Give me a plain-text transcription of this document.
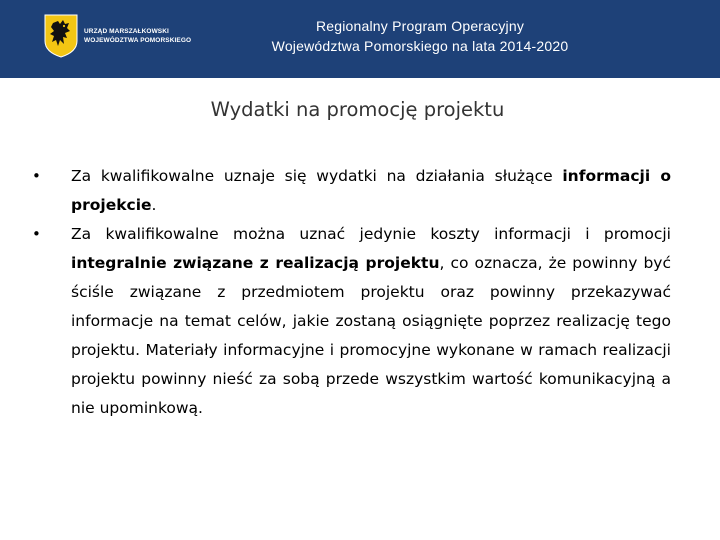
URZĄD MARSZAŁKOWSKI
WOJEWÓDZTWA POMORSKIEGO
Regionalny Program Operacyjny
Województwa Pomorskiego na lata 2014-2020
Wydatki na promocję projektu
• Za kwalifikowalne uznaje się wydatki na działania służące informacji o projekcie.
• Za kwalifikowalne można uznać jedynie koszty informacji i promocji integralnie związane z realizacją projektu, co oznacza, że powinny być ściśle związane z przedmiotem projektu oraz powinny przekazywać informacje na temat celów, jakie zostaną osiągnięte poprzez realizację tego projektu. Materiały informacyjne i promocyjne wykonane w ramach realizacji projektu powinny nieść za sobą przede wszystkim wartość komunikacyjną a nie upominkową.
